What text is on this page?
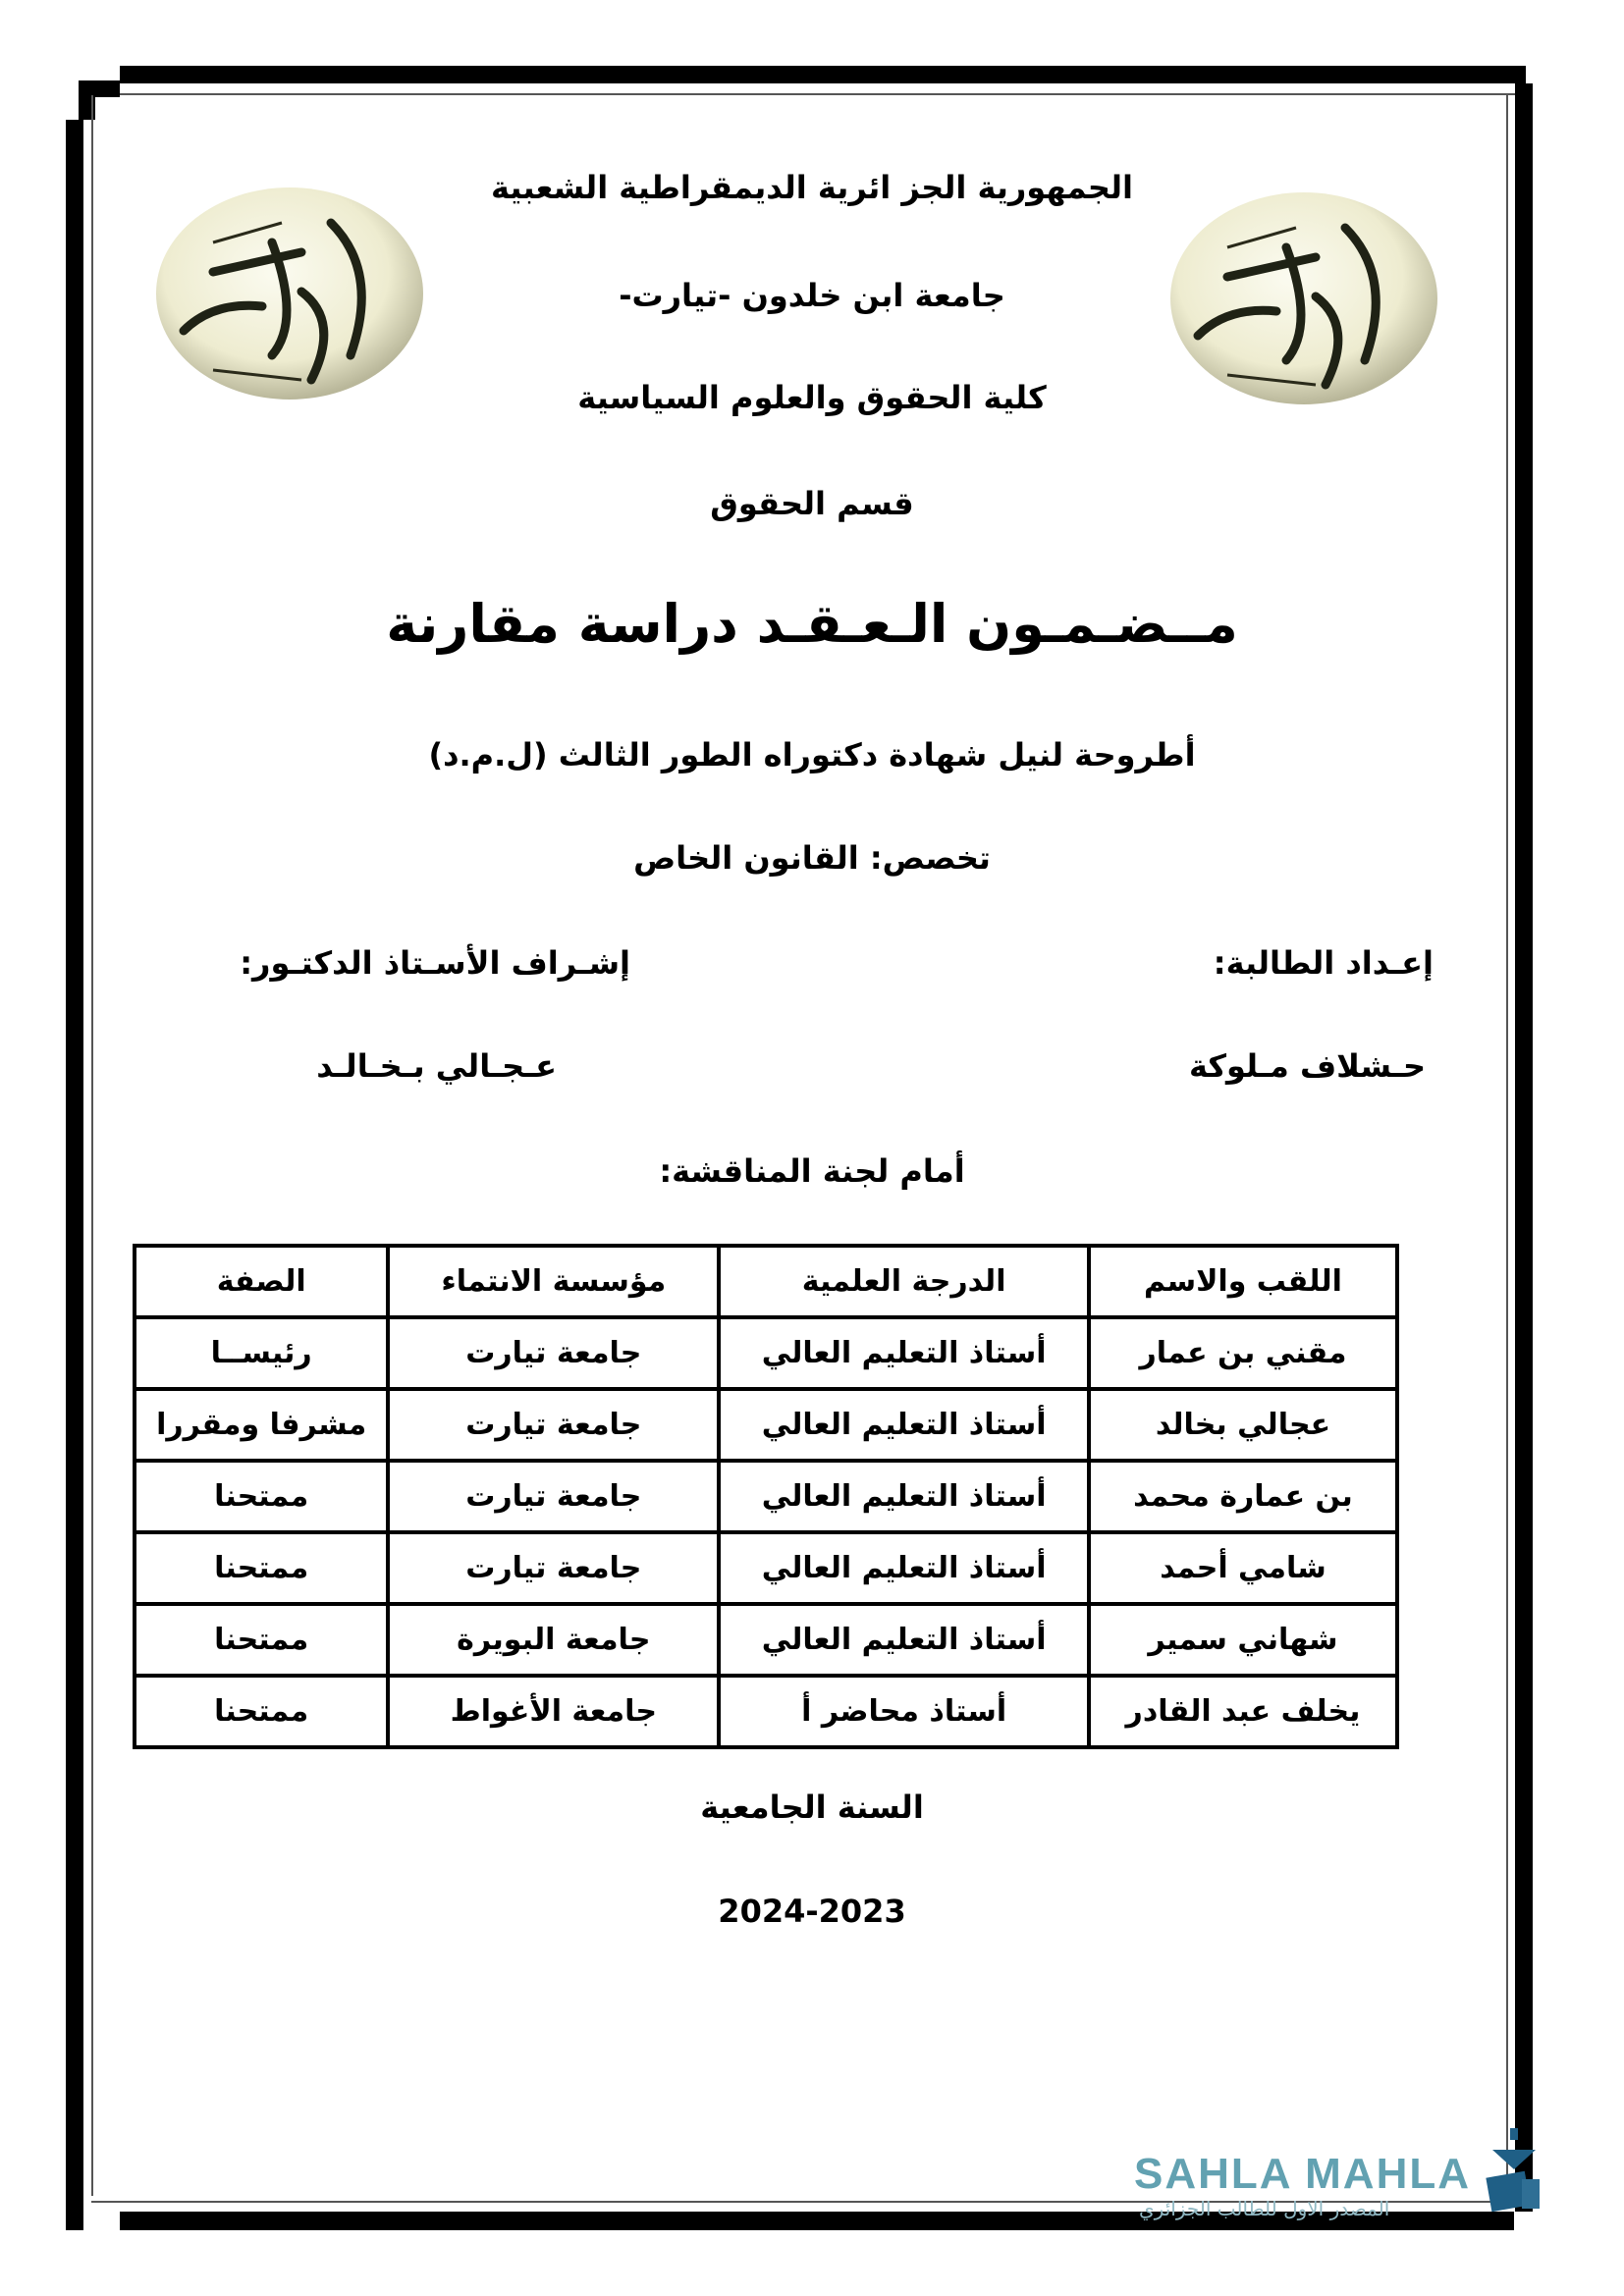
الجمهورية الجز ائرية الديمقراطية الشعبية
جامعة ابن خلدون -تيارت-
كلية الحقوق والعلوم السياسية
قسم الحقوق
مــضـمـون الـعـقـد دراسة مقارنة
أطروحة لنيل شهادة دكتوراه الطور الثالث (ل.م.د)
تخصص: القانون الخاص
إعـداد الطالبة:
إشـراف الأسـتاذ الدكتـور:
حـشلاف مـلوكة
عـجـالي بـخـالـد
أمام لجنة المناقشة:
اللقب والاسم	الدرجة العلمية	مؤسسة الانتماء	الصفة
مقني بن عمار	أستاذ التعليم العالي	جامعة تيارت	رئيســا
عجالي بخالد	أستاذ التعليم العالي	جامعة تيارت	مشرفا ومقررا
بن عمارة محمد	أستاذ التعليم العالي	جامعة تيارت	ممتحنا
شامي أحمد	أستاذ التعليم العالي	جامعة تيارت	ممتحنا
شهاني سمير	أستاذ التعليم العالي	جامعة البويرة	ممتحنا
يخلف عبد القادر	أستاذ محاضر أ	جامعة الأغواط	ممتحنا
السنة الجامعية
2024-2023
SAHLA MAHLA
المصدر الاول للطالب الجزائري
